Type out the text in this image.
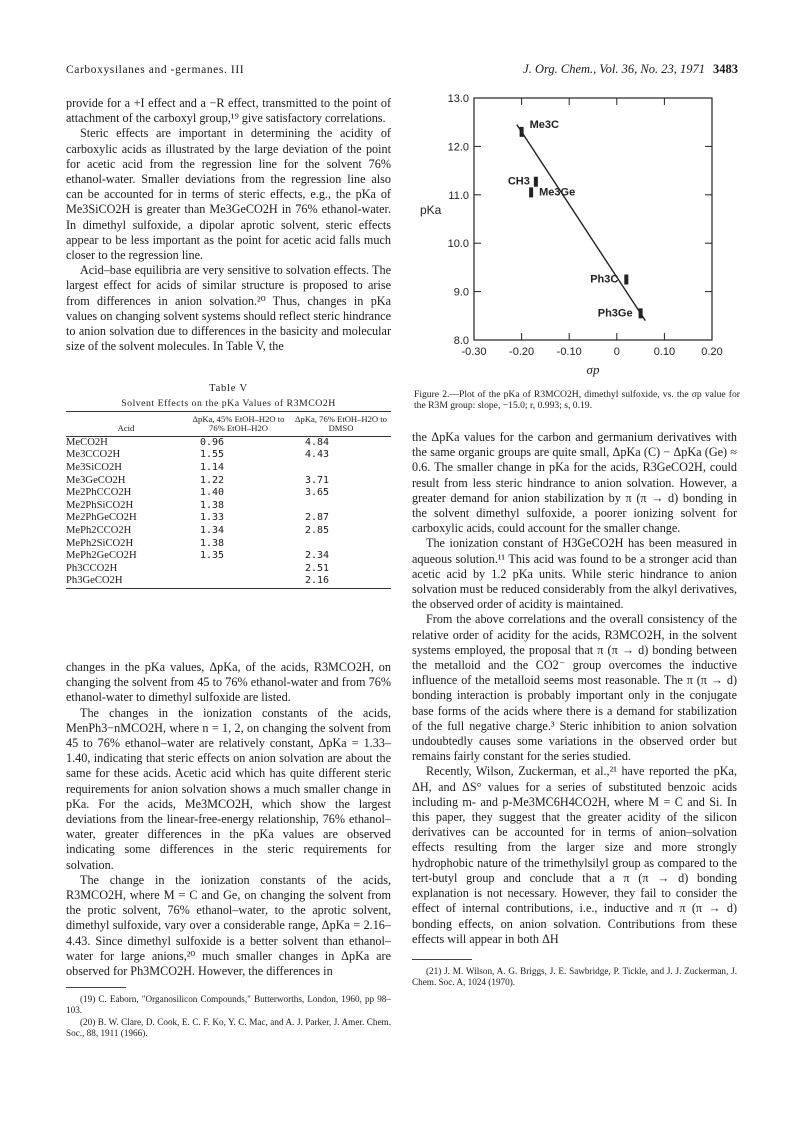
Carboxysilanes and -germanes. III	J. Org. Chem., Vol. 36, No. 23, 1971 3483

provide for a +I effect and a −R effect, transmitted to the point of attachment of the carboxyl group,¹⁹ give satisfactory correlations.

Steric effects are important in determining the acidity of carboxylic acids as illustrated by the large deviation of the point for acetic acid from the regression line for the solvent 76% ethanol-water. Smaller deviations from the regression line also can be accounted for in terms of steric effects, e.g., the pKa of Me3SiCO2H is greater than Me3GeCO2H in 76% ethanol-water. In dimethyl sulfoxide, a dipolar aprotic solvent, steric effects appear to be less important as the point for acetic acid falls much closer to the regression line.

Acid–base equilibria are very sensitive to solvation effects. The largest effect for acids of similar structure is proposed to arise from differences in anion solvation.²⁰ Thus, changes in pKa values on changing solvent systems should reflect steric hindrance to anion solvation due to differences in the basicity and molecular size of the solvent molecules. In Table V, the

Table V
Solvent Effects on the pKa Values of R3MCO2H
Acid	ΔpKa, 45% EtOH–H2O to 76% EtOH–H2O	ΔpKa, 76% EtOH–H2O to DMSO
MeCO2H	0.96	4.84
Me3CCO2H	1.55	4.43
Me3SiCO2H	1.14	
Me3GeCO2H	1.22	3.71
Me2PhCCO2H	1.40	3.65
Me2PhSiCO2H	1.38	
Me2PhGeCO2H	1.33	2.87
MePh2CCO2H	1.34	2.85
MePh2SiCO2H	1.38	
MePh2GeCO2H	1.35	2.34
Ph3CCO2H		2.51
Ph3GeCO2H		2.16

changes in the pKa values, ΔpKa, of the acids, R3MCO2H, on changing the solvent from 45 to 76% ethanol-water and from 76% ethanol-water to dimethyl sulfoxide are listed.

The changes in the ionization constants of the acids, MenPh3−nMCO2H, where n = 1, 2, on changing the solvent from 45 to 76% ethanol–water are relatively constant, ΔpKa = 1.33–1.40, indicating that steric effects on anion solvation are about the same for these acids. Acetic acid which has quite different steric requirements for anion solvation shows a much smaller change in pKa. For the acids, Me3MCO2H, which show the largest deviations from the linear-free-energy relationship, 76% ethanol–water, greater differences in the pKa values are observed indicating some differences in the steric requirements for solvation.

The change in the ionization constants of the acids, R3MCO2H, where M = C and Ge, on changing the solvent from the protic solvent, 76% ethanol–water, to the aprotic solvent, dimethyl sulfoxide, vary over a considerable range, ΔpKa = 2.16–4.43. Since dimethyl sulfoxide is a better solvent than ethanol–water for large anions,²⁰ much smaller changes in ΔpKa are observed for Ph3MCO2H. However, the differences in

(19) C. Eaborn, "Organosilicon Compounds," Butterworths, London, 1960, pp 98–103.

(20) B. W. Clare, D. Cook, E. C. F. Ko, Y. C. Mac, and A. J. Parker, J. Amer. Chem. Soc., 88, 1911 (1966).

-0.30 -0.20 -0.10	0	0.10 0.20
8.0
9.0
10.0
11.0
12.0
13.0
pKa
σp
Me3C
CH3
Me3Ge
Ph3C
Ph3Ge
Figure 2.—Plot of the pKa of R3MCO2H, dimethyl sulfoxide, vs. the σp value for the R3M group: slope, −15.0; r, 0.993; s, 0.19.

the ΔpKa values for the carbon and germanium derivatives with the same organic groups are quite small, ΔpKa (C) − ΔpKa (Ge) ≈ 0.6. The smaller change in pKa for the acids, R3GeCO2H, could result from less steric hindrance to anion solvation. However, a greater demand for anion stabilization by π (π → d) bonding in the solvent dimethyl sulfoxide, a poorer ionizing solvent for carboxylic acids, could account for the smaller change.

The ionization constant of H3GeCO2H has been measured in aqueous solution.¹¹ This acid was found to be a stronger acid than acetic acid by 1.2 pKa units. While steric hindrance to anion solvation must be reduced considerably from the alkyl derivatives, the observed order of acidity is maintained.

From the above correlations and the overall consistency of the relative order of acidity for the acids, R3MCO2H, in the solvent systems employed, the proposal that π (π → d) bonding between the metalloid and the CO2⁻ group overcomes the inductive influence of the metalloid seems most reasonable. The π (π → d) bonding interaction is probably important only in the conjugate base forms of the acids where there is a demand for stabilization of the full negative charge.³ Steric inhibition to anion solvation undoubtedly causes some variations in the observed order but remains fairly constant for the series studied.

Recently, Wilson, Zuckerman, et al.,²¹ have reported the pKa, ΔH, and ΔS° values for a series of substituted benzoic acids including m- and p-Me3MC6H4CO2H, where M = C and Si. In this paper, they suggest that the greater acidity of the silicon derivatives can be accounted for in terms of anion–solvation effects resulting from the larger size and more strongly hydrophobic nature of the trimethylsilyl group as compared to the tert-butyl group and conclude that a π (π → d) bonding explanation is not necessary. However, they fail to consider the effect of internal contributions, i.e., inductive and π (π → d) bonding effects, on anion solvation. Contributions from these effects will appear in both ΔH

(21) J. M. Wilson, A. G. Briggs, J. E. Sawbridge, P. Tickle, and J. J. Zuckerman, J. Chem. Soc. A, 1024 (1970).
